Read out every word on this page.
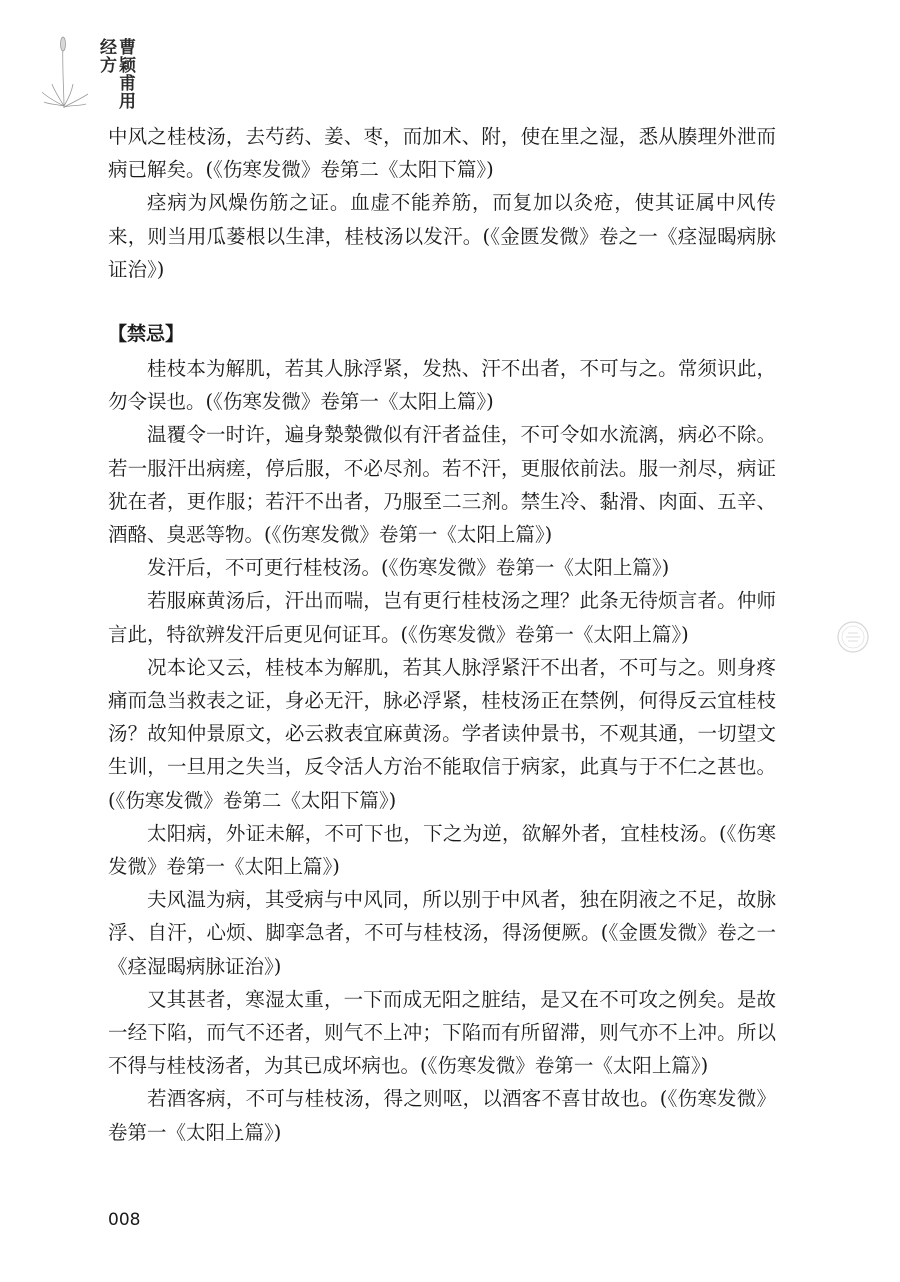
曹颖甫用经方

中风之桂枝汤，去芍药、姜、枣，而加术、附，使在里之湿，悉从腠理外泄而病已解矣。(《伤寒发微》卷第二《太阳下篇》)

痉病为风燥伤筋之证。血虚不能养筋，而复加以灸疮，使其证属中风传来，则当用瓜蒌根以生津，桂枝汤以发汗。(《金匮发微》卷之一《痉湿暍病脉证治》)

【禁忌】

桂枝本为解肌，若其人脉浮紧，发热、汗不出者，不可与之。常须识此，勿令误也。(《伤寒发微》卷第一《太阳上篇》)

温覆令一时许，遍身漐漐微似有汗者益佳，不可令如水流漓，病必不除。若一服汗出病瘥，停后服，不必尽剂。若不汗，更服依前法。服一剂尽，病证犹在者，更作服；若汗不出者，乃服至二三剂。禁生冷、黏滑、肉面、五辛、酒酪、臭恶等物。(《伤寒发微》卷第一《太阳上篇》)

发汗后，不可更行桂枝汤。(《伤寒发微》卷第一《太阳上篇》)

若服麻黄汤后，汗出而喘，岂有更行桂枝汤之理？此条无待烦言者。仲师言此，特欲辨发汗后更见何证耳。(《伤寒发微》卷第一《太阳上篇》)

况本论又云，桂枝本为解肌，若其人脉浮紧汗不出者，不可与之。则身疼痛而急当救表之证，身必无汗，脉必浮紧，桂枝汤正在禁例，何得反云宜桂枝汤？故知仲景原文，必云救表宜麻黄汤。学者读仲景书，不观其通，一切望文生训，一旦用之失当，反令活人方治不能取信于病家，此真与于不仁之甚也。(《伤寒发微》卷第二《太阳下篇》)

太阳病，外证未解，不可下也，下之为逆，欲解外者，宜桂枝汤。(《伤寒发微》卷第一《太阳上篇》)

夫风温为病，其受病与中风同，所以别于中风者，独在阴液之不足，故脉浮、自汗，心烦、脚挛急者，不可与桂枝汤，得汤便厥。(《金匮发微》卷之一《痉湿暍病脉证治》)

又其甚者，寒湿太重，一下而成无阳之脏结，是又在不可攻之例矣。是故一经下陷，而气不还者，则气不上冲；下陷而有所留滞，则气亦不上冲。所以不得与桂枝汤者，为其已成坏病也。(《伤寒发微》卷第一《太阳上篇》)

若酒客病，不可与桂枝汤，得之则呕，以酒客不喜甘故也。(《伤寒发微》卷第一《太阳上篇》)

008
